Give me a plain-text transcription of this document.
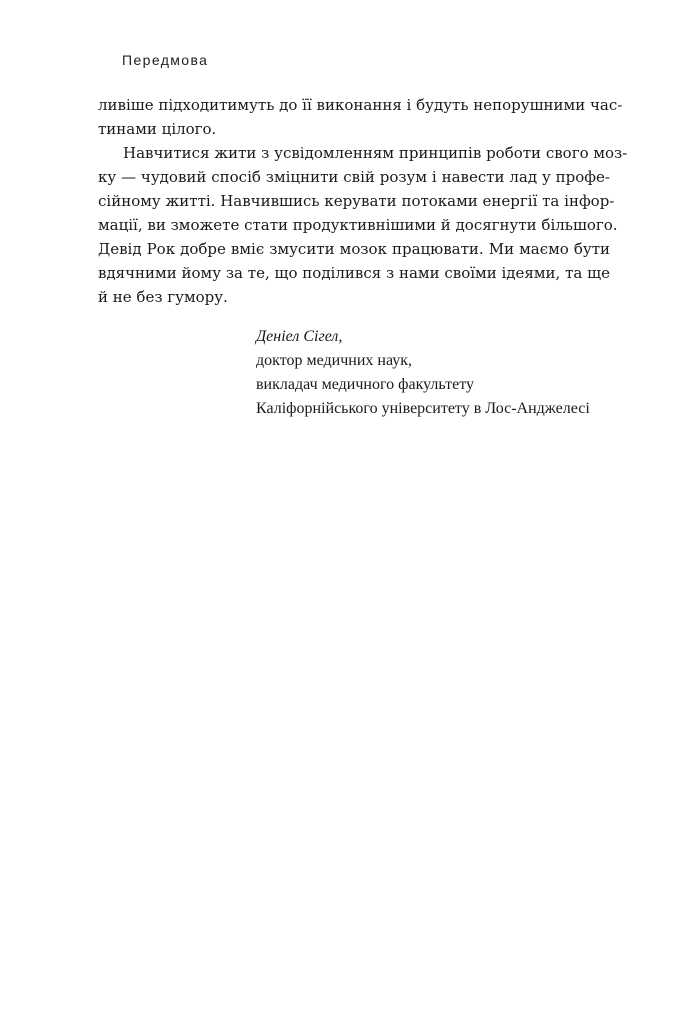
Передмова
ливіше підходитимуть до її виконання і будуть непорушними час-
тинами цілого.
Навчитися жити з усвідомленням принципів роботи свого моз-
ку — чудовий спосіб зміцнити свій розум і навести лад у профе-
сійному житті. Навчившись керувати потоками енергії та інфор-
мації, ви зможете стати продуктивнішими й досягнути більшого.
Девід Рок добре вміє змусити мозок працювати. Ми маємо бути
вдячними йому за те, що поділився з нами своїми ідеями, та ще
й не без гумору.
Деніел Сігел,
доктор медичних наук,
викладач медичного факультету
Каліфорнійського університету в Лос-Анджелесі
